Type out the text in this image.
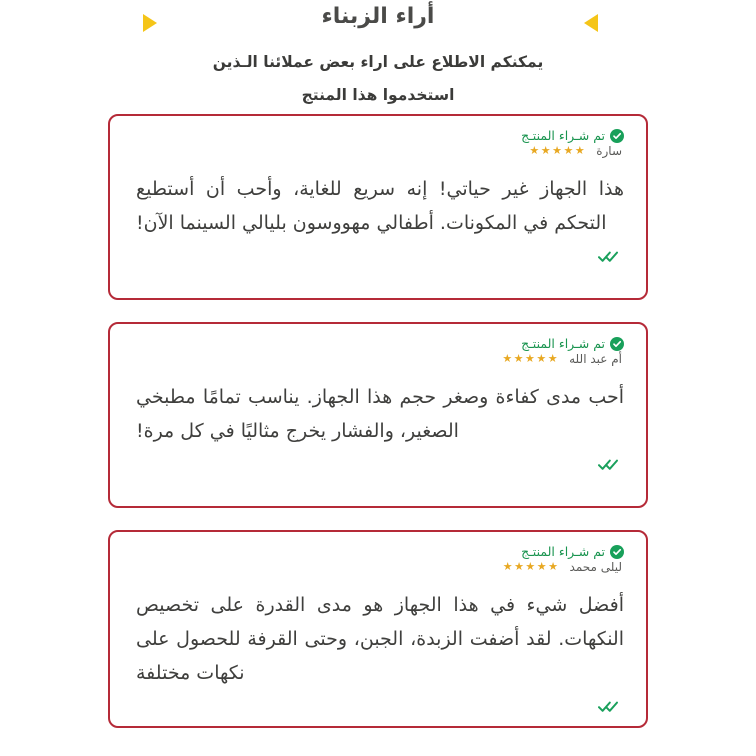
أراء الزبناء
يمكنكم الاطلاع على اراء بعض عملائنا الـذين
استخدموا هذا المنتج
تم شـراء المنتـج
سارة
★★★★★
هذا الجهاز غير حياتي! إنه سريع للغاية، وأحب أن أستطيع التحكم في المكونات. أطفالي مهووسون بليالي السينما الآن!
تم شـراء المنتـج
أم عبد الله
★★★★★
أحب مدى كفاءة وصغر حجم هذا الجهاز. يناسب تمامًا مطبخي الصغير، والفشار يخرج مثاليًا في كل مرة!
تم شـراء المنتـج
ليلى محمد
★★★★★
أفضل شيء في هذا الجهاز هو مدى القدرة على تخصيص النكهات. لقد أضفت الزبدة، الجبن، وحتى القرفة للحصول على نكهات مختلفة
